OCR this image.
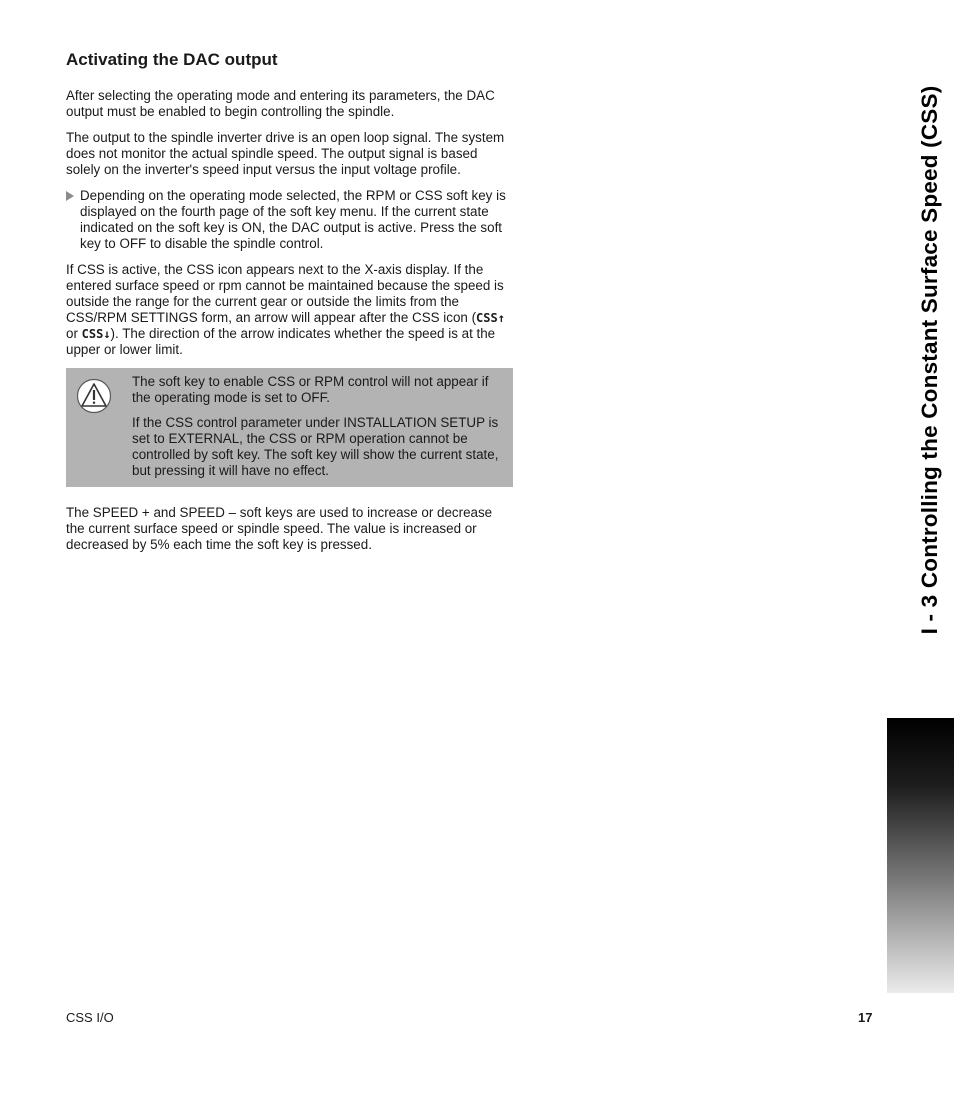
Activating the DAC output

After selecting the operating mode and entering its parameters, the DAC output must be enabled to begin controlling the spindle.

The output to the spindle inverter drive is an open loop signal. The system does not monitor the actual spindle speed. The output signal is based solely on the inverter's speed input versus the input voltage profile.

Depending on the operating mode selected, the RPM or CSS soft key is displayed on the fourth page of the soft key menu. If the current state indicated on the soft key is ON, the DAC output is active. Press the soft key to OFF to disable the spindle control.

If CSS is active, the CSS icon appears next to the X-axis display. If the entered surface speed or rpm cannot be maintained because the speed is outside the range for the current gear or outside the limits from the CSS/RPM SETTINGS form, an arrow will appear after the CSS icon (CSS↑ or CSS↓). The direction of the arrow indicates whether the speed is at the upper or lower limit.

The soft key to enable CSS or RPM control will not appear if the operating mode is set to OFF.

If the CSS control parameter under INSTALLATION SETUP is set to EXTERNAL, the CSS or RPM operation cannot be controlled by soft key. The soft key will show the current state, but pressing it will have no effect.

The SPEED + and SPEED – soft keys are used to increase or decrease the current surface speed or spindle speed. The value is increased or decreased by 5% each time the soft key is pressed.	I - 3 Controlling the Constant Surface Speed (CSS)
CSS I/O	17
